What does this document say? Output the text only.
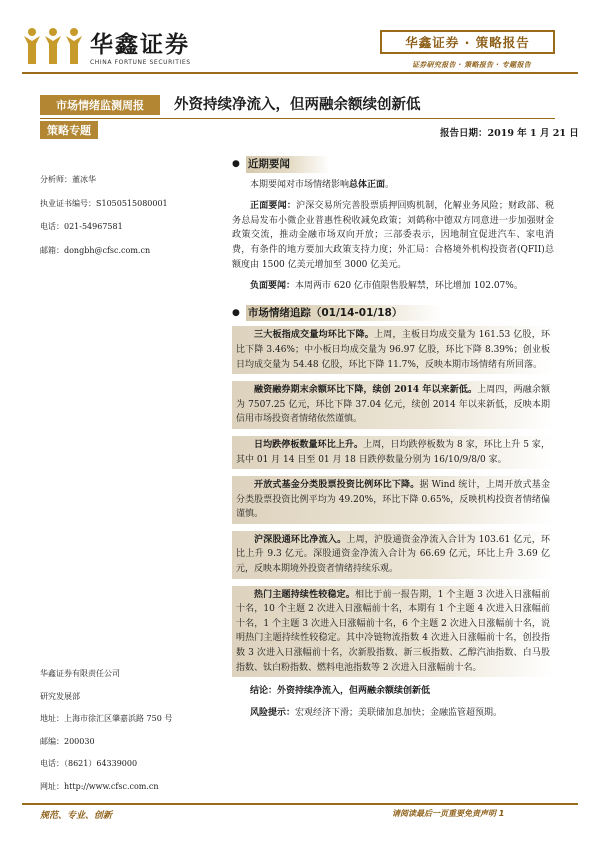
华鑫证券
CHINA FORTUNE SECURITIES
华鑫证券 · 策略报告
证券研究报告 · 策略报告 · 专题报告
市场情绪监测周报	外资持续净流入，但两融余额续创新低
策略专题	报告日期：2019 年 1 月 21 日
分析师：董冰华
执业证书编号：S1050515080001
电话：021-54967581
邮箱：dongbh@cfsc.com.cn
华鑫证券有限责任公司
研究发展部
地址：上海市徐汇区肇嘉浜路 750 号
邮编：200030
电话：（8621）64339000
网址：http://www.cfsc.com.cn
● 近期要闻
本期要闻对市场情绪影响总体正面。
正面要闻：沪深交易所完善股票质押回购机制，化解业务风险；财政部、税务总局发布小微企业普惠性税收减免政策；刘鹤称中德双方同意进一步加强财金政策交流，推动金融市场双向开放；三部委表示，因地制宜促进汽车、家电消费，有条件的地方要加大政策支持力度；外汇局：合格境外机构投资者(QFII)总额度由 1500 亿美元增加至 3000 亿美元。
负面要闻：本周两市 620 亿市值限售股解禁，环比增加 102.07%。
● 市场情绪追踪（01/14-01/18）
三大板指成交量均环比下降。上周，主板日均成交量为 161.53 亿股，环比下降 3.46%；中小板日均成交量为 96.97 亿股，环比下降 8.39%；创业板日均成交量为 54.48 亿股，环比下降 11.7%，反映本期市场情绪有所回落。
融资融券期末余额环比下降，续创 2014 年以来新低。上周四，两融余额为 7507.25 亿元，环比下降 37.04 亿元，续创 2014 年以来新低，反映本期信用市场投资者情绪依然谨慎。
日均跌停板数量环比上升。上周，日均跌停板数为 8 家，环比上升 5 家，其中 01 月 14 日至 01 月 18 日跌停数量分别为 16/10/9/8/0 家。
开放式基金分类股票投资比例环比下降。据 Wind 统计，上周开放式基金分类股票投资比例平均为 49.20%，环比下降 0.65%，反映机构投资者情绪偏谨慎。
沪深股通环比净流入。上周，沪股通资金净流入合计为 103.61 亿元，环比上升 9.3 亿元。深股通资金净流入合计为 66.69 亿元，环比上升 3.69 亿元，反映本期境外投资者情绪持续乐观。
热门主题持续性较稳定。相比于前一报告期，1 个主题 3 次进入日涨幅前十名，10 个主题 2 次进入日涨幅前十名，本期有 1 个主题 4 次进入日涨幅前十名，1 个主题 3 次进入日涨幅前十名，6 个主题 2 次进入日涨幅前十名，说明热门主题持续性较稳定。其中冷链物流指数 4 次进入日涨幅前十名，创投指数 3 次进入日涨幅前十名，次新股指数、新三板指数、乙醇汽油指数、白马股指数、钛白粉指数、燃料电池指数等 2 次进入日涨幅前十名。
结论：外资持续净流入，但两融余额续创新低
风险提示：宏观经济下滑；美联储加息加快；金融监管超预期。
规范、专业、创新	请阅读最后一页重要免责声明 1
